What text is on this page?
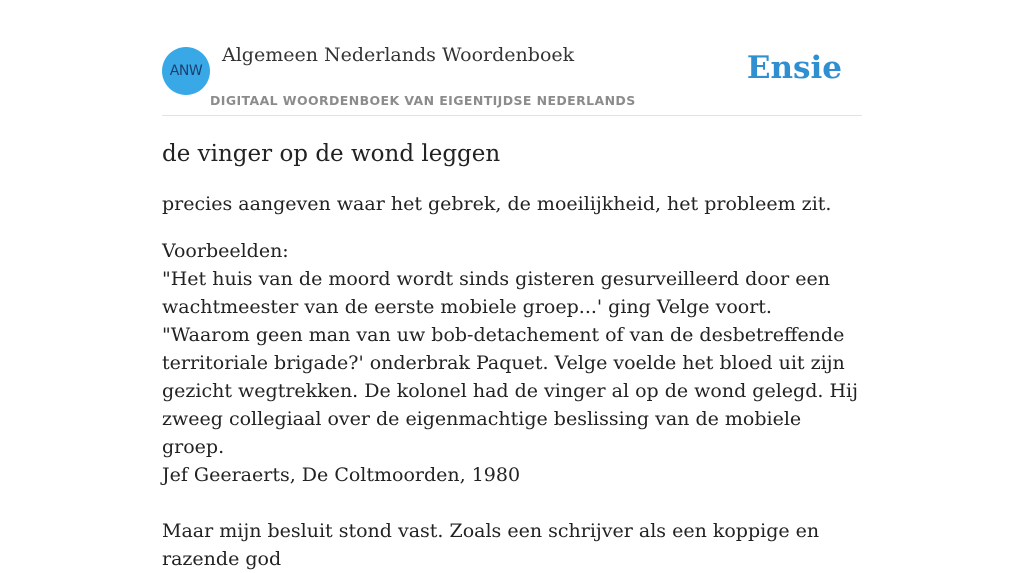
ANW
Algemeen Nederlands Woordenboek
DIGITAAL WOORDENBOEK VAN EIGENTIJDSE NEDERLANDS
Ensie
de vinger op de wond leggen

precies aangeven waar het gebrek, de moeilijkheid, het probleem zit.

Voorbeelden:

"Het huis van de moord wordt sinds gisteren gesurveilleerd door een wachtmeester van de eerste mobiele groep...' ging Velge voort. "Waarom geen man van uw bob-detachement of van de desbetreffende territoriale brigade?' onderbrak Paquet. Velge voelde het bloed uit zijn gezicht wegtrekken. De kolonel had de vinger al op de wond gelegd. Hij zweeg collegiaal over de eigenmachtige beslissing van de mobiele groep.

Jef Geeraerts, De Coltmoorden, 1980

Maar mijn besluit stond vast. Zoals een schrijver als een koppige en razende god
